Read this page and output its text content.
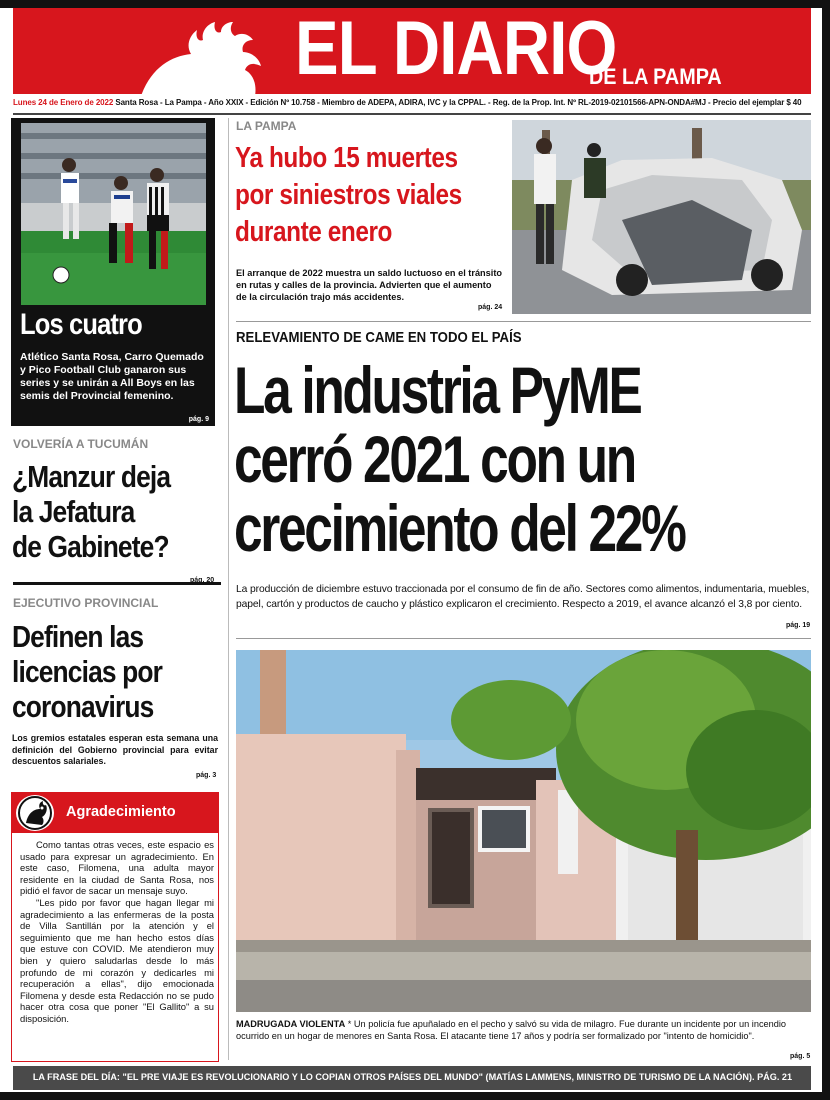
EL DIARIO
DE LA PAMPA
Lunes 24 de Enero de 2022 Santa Rosa - La Pampa - Año XXIX - Edición Nº 10.758 - Miembro de ADEPA, ADIRA, IVC y la CPPAL. - Reg. de la Prop. Int. Nº RL-2019-02101566-APN-ONDA#MJ - Precio del ejemplar $ 40
Los cuatro
Atlético Santa Rosa, Carro Quemado y Pico Football Club ganaron sus series y se unirán a All Boys en las semis del Provincial femenino.
pág. 9
VOLVERÍA A TUCUMÁN
¿Manzur deja
la Jefatura
de Gabinete?
pág. 20
EJECUTIVO PROVINCIAL
Definen las
licencias por
coronavirus
Los gremios estatales esperan esta semana una definición del Gobierno provincial para evitar descuentos salariales.
pág. 3
Agradecimiento

Como tantas otras veces, este espacio es usado para expresar un agradecimiento. En este caso, Filomena, una adulta mayor residente en la ciudad de Santa Rosa, nos pidió el favor de sacar un mensaje suyo.

"Les pido por favor que hagan llegar mi agradecimiento a las enfermeras de la posta de Villa Santillán por la atención y el seguimiento que me han hecho estos días que estuve con COVID. Me atendieron muy bien y quiero saludarlas desde lo más profundo de mi corazón y dedicarles mi recuperación a ellas", dijo emocionada Filomena y desde esta Redacción no se pudo hacer otra cosa que poner "El Gallito" a su disposición.

LA PAMPA
Ya hubo 15 muertes
por siniestros viales
durante enero
El arranque de 2022 muestra un saldo luctuoso en el tránsito en rutas y calles de la provincia. Advierten que el aumento de la circulación trajo más accidentes.
pág. 24
RELEVAMIENTO DE CAME EN TODO EL PAÍS
La industria PyME
cerró 2021 con un
crecimiento del 22%
La producción de diciembre estuvo traccionada por el consumo de fin de año. Sectores como alimentos, indumentaria, muebles, papel, cartón y productos de caucho y plástico explicaron el crecimiento. Respecto a 2019, el avance alcanzó el 3,8 por ciento.
pág. 19
MADRUGADA VIOLENTA * Un policía fue apuñalado en el pecho y salvó su vida de milagro. Fue durante un incidente por un incendio ocurrido en un hogar de menores en Santa Rosa. El atacante tiene 17 años y podría ser formalizado por "intento de homicidio".
pág. 5
LA FRASE DEL DÍA: "EL PRE VIAJE ES REVOLUCIONARIO Y LO COPIAN OTROS PAÍSES DEL MUNDO" (MATÍAS LAMMENS, MINISTRO DE TURISMO DE LA NACIÓN). PÁG. 21
